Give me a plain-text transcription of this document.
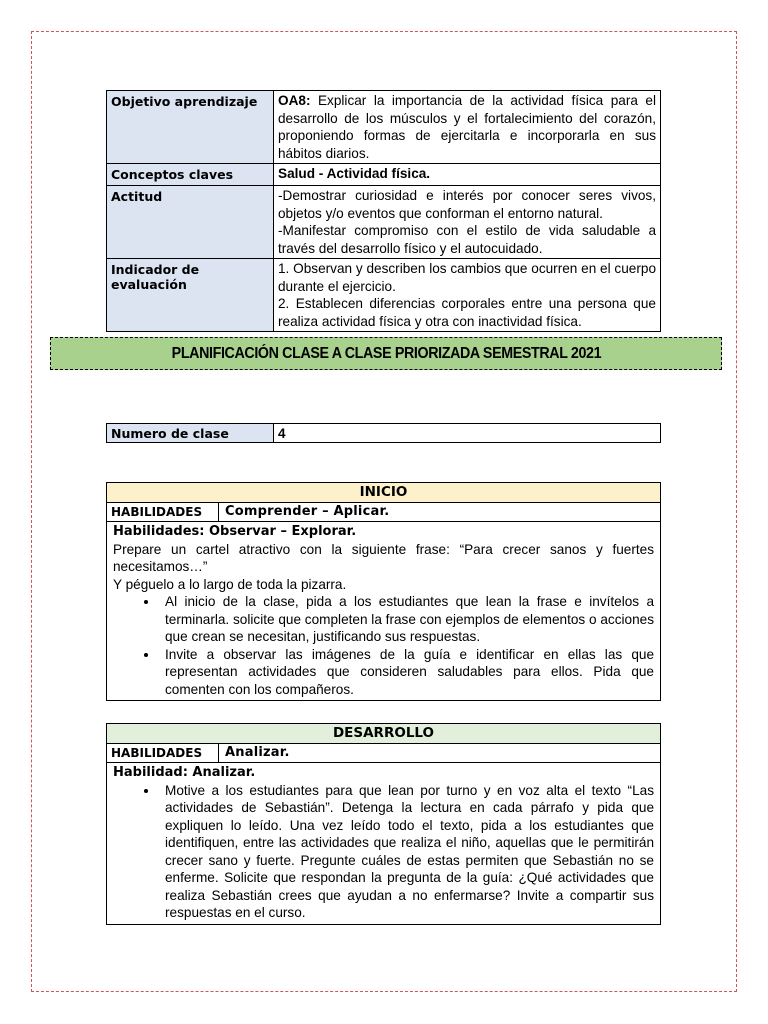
Objetivo aprendizaje	OA8: Explicar la importancia de la actividad física para el desarrollo de los músculos y el fortalecimiento del corazón, proponiendo formas de ejercitarla e incorporarla en sus hábitos diarios.
Conceptos claves	Salud - Actividad física.
Actitud	-Demostrar curiosidad e interés por conocer seres vivos, objetos y/o eventos que conforman el entorno natural.

-Manifestar compromiso con el estilo de vida saludable a través del desarrollo físico y el autocuidado.

Indicador de evaluación	1. Observan y describen los cambios que ocurren en el cuerpo durante el ejercicio.

2. Establecen diferencias corporales entre una persona que realiza actividad física y otra con inactividad física.

PLANIFICACIÓN CLASE A CLASE PRIORIZADA SEMESTRAL 2021
Numero de clase	4
INICIO
HABILIDADES	Comprender – Aplicar.

Habilidades: Observar – Explorar.

Prepare un cartel atractivo con la siguiente frase: “Para crecer sanos y fuertes necesitamos…”

Y péguelo a lo largo de toda la pizarra.

• Al inicio de la clase, pida a los estudiantes que lean la frase e invítelos a terminarla. solicite que completen la frase con ejemplos de elementos o acciones que crean se necesitan, justificando sus respuestas.
• Invite a observar las imágenes de la guía e identificar en ellas las que representan actividades que consideren saludables para ellos. Pida que comenten con los compañeros.
DESARROLLO
HABILIDADES	Analizar.

Habilidad: Analizar.

• Motive a los estudiantes para que lean por turno y en voz alta el texto “Las actividades de Sebastián”. Detenga la lectura en cada párrafo y pida que expliquen lo leído. Una vez leído todo el texto, pida a los estudiantes que identifiquen, entre las actividades que realiza el niño, aquellas que le permitirán crecer sano y fuerte. Pregunte cuáles de estas permiten que Sebastián no se enferme. Solicite que respondan la pregunta de la guía: ¿Qué actividades que realiza Sebastián crees que ayudan a no enfermarse? Invite a compartir sus respuestas en el curso.
